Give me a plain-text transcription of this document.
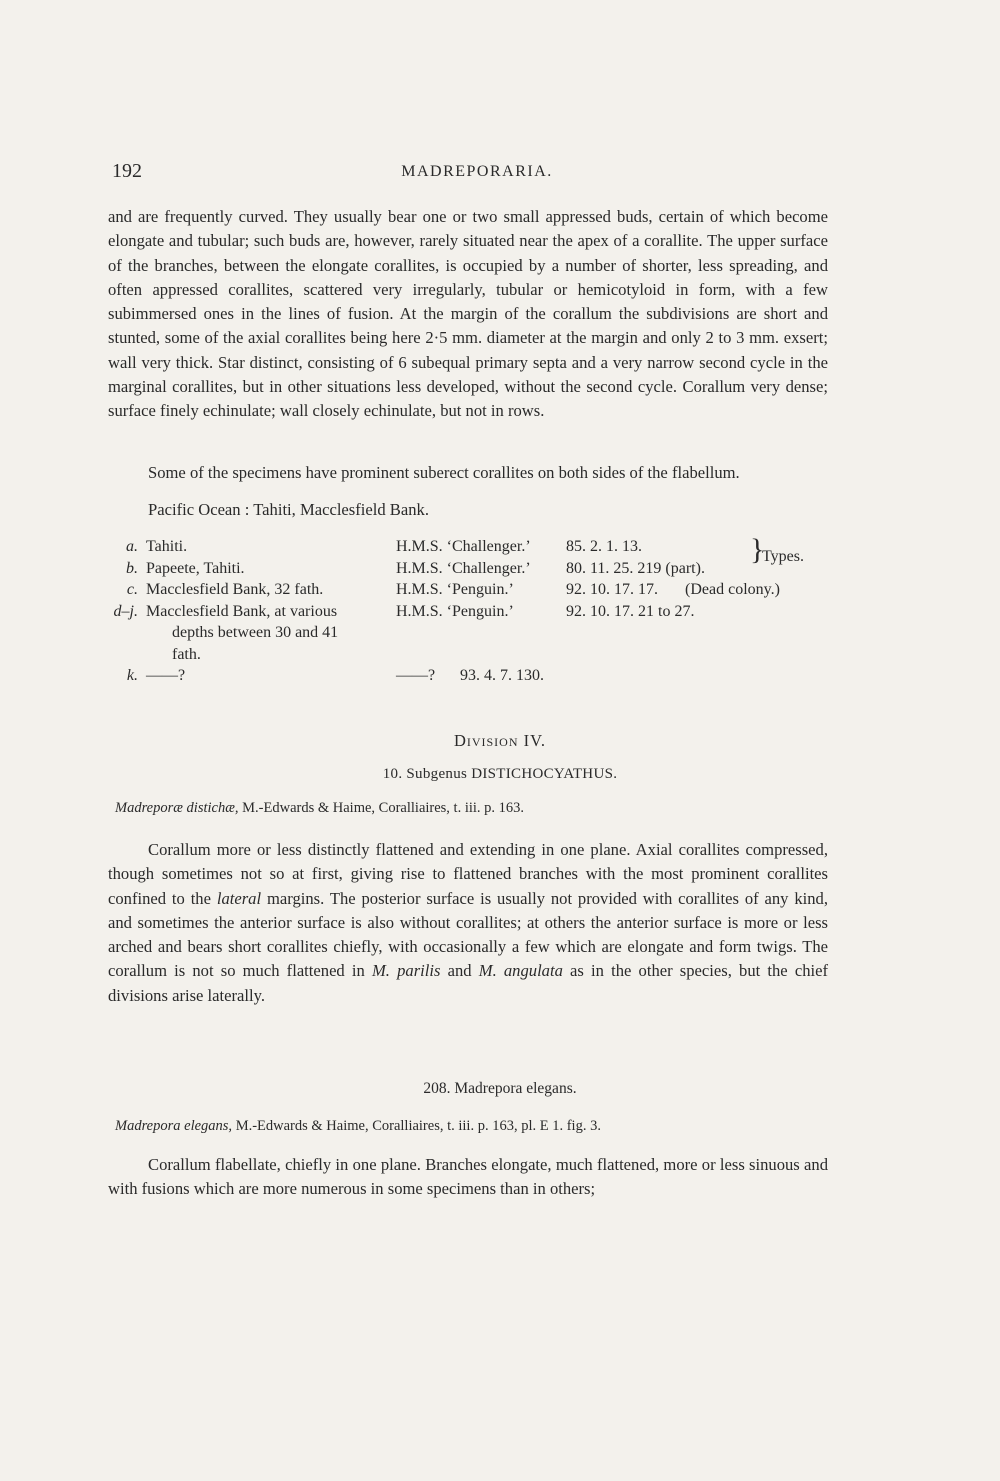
192	MADREPORARIA.

and are frequently curved. They usually bear one or two small appressed buds, certain of which become elongate and tubular; such buds are, however, rarely situated near the apex of a corallite. The upper surface of the branches, between the elongate corallites, is occupied by a number of shorter, less spreading, and often appressed corallites, scattered very irregularly, tubular or hemicotyloid in form, with a few subimmersed ones in the lines of fusion. At the margin of the corallum the subdivisions are short and stunted, some of the axial corallites being here 2·5 mm. diameter at the margin and only 2 to 3 mm. exsert; wall very thick. Star distinct, consisting of 6 subequal primary septa and a very narrow second cycle in the marginal corallites, but in other situations less developed, without the second cycle. Corallum very dense; surface finely echinulate; wall closely echinulate, but not in rows.

Some of the specimens have prominent suberect corallites on both sides of the flabellum.

Pacific Ocean : Tahiti, Macclesfield Bank.

a. Tahiti.	H.M.S. ‘Challenger.’ 85. 2. 1. 13.	}
Types.
b. Papeete, Tahiti.	H.M.S. ‘Challenger.’ 80. 11. 25. 219 (part).
c. Macclesfield Bank, 32 fath.	H.M.S. ‘Penguin.’	92. 10. 17. 17. (Dead colony.)
d–j. Macclesfield Bank, at various	H.M.S. ‘Penguin.’	92. 10. 17. 21 to 27.
depths between 30 and 41
fath.
k. ——?	——? 93. 4. 7. 130.
Division IV.
10. Subgenus DISTICHOCYATHUS.
Madreporæ distichæ, M.-Edwards & Haime, Coralliaires, t. iii. p. 163.

Corallum more or less distinctly flattened and extending in one plane. Axial corallites compressed, though sometimes not so at first, giving rise to flattened branches with the most prominent corallites confined to the lateral margins. The posterior surface is usually not provided with corallites of any kind, and sometimes the anterior surface is also without corallites; at others the anterior surface is more or less arched and bears short corallites chiefly, with occasionally a few which are elongate and form twigs. The corallum is not so much flattened in M. parilis and M. angulata as in the other species, but the chief divisions arise laterally.

208. Madrepora elegans.
Madrepora elegans, M.-Edwards & Haime, Coralliaires, t. iii. p. 163, pl. E 1. fig. 3.

Corallum flabellate, chiefly in one plane. Branches elongate, much flattened, more or less sinuous and with fusions which are more numerous in some specimens than in others;
